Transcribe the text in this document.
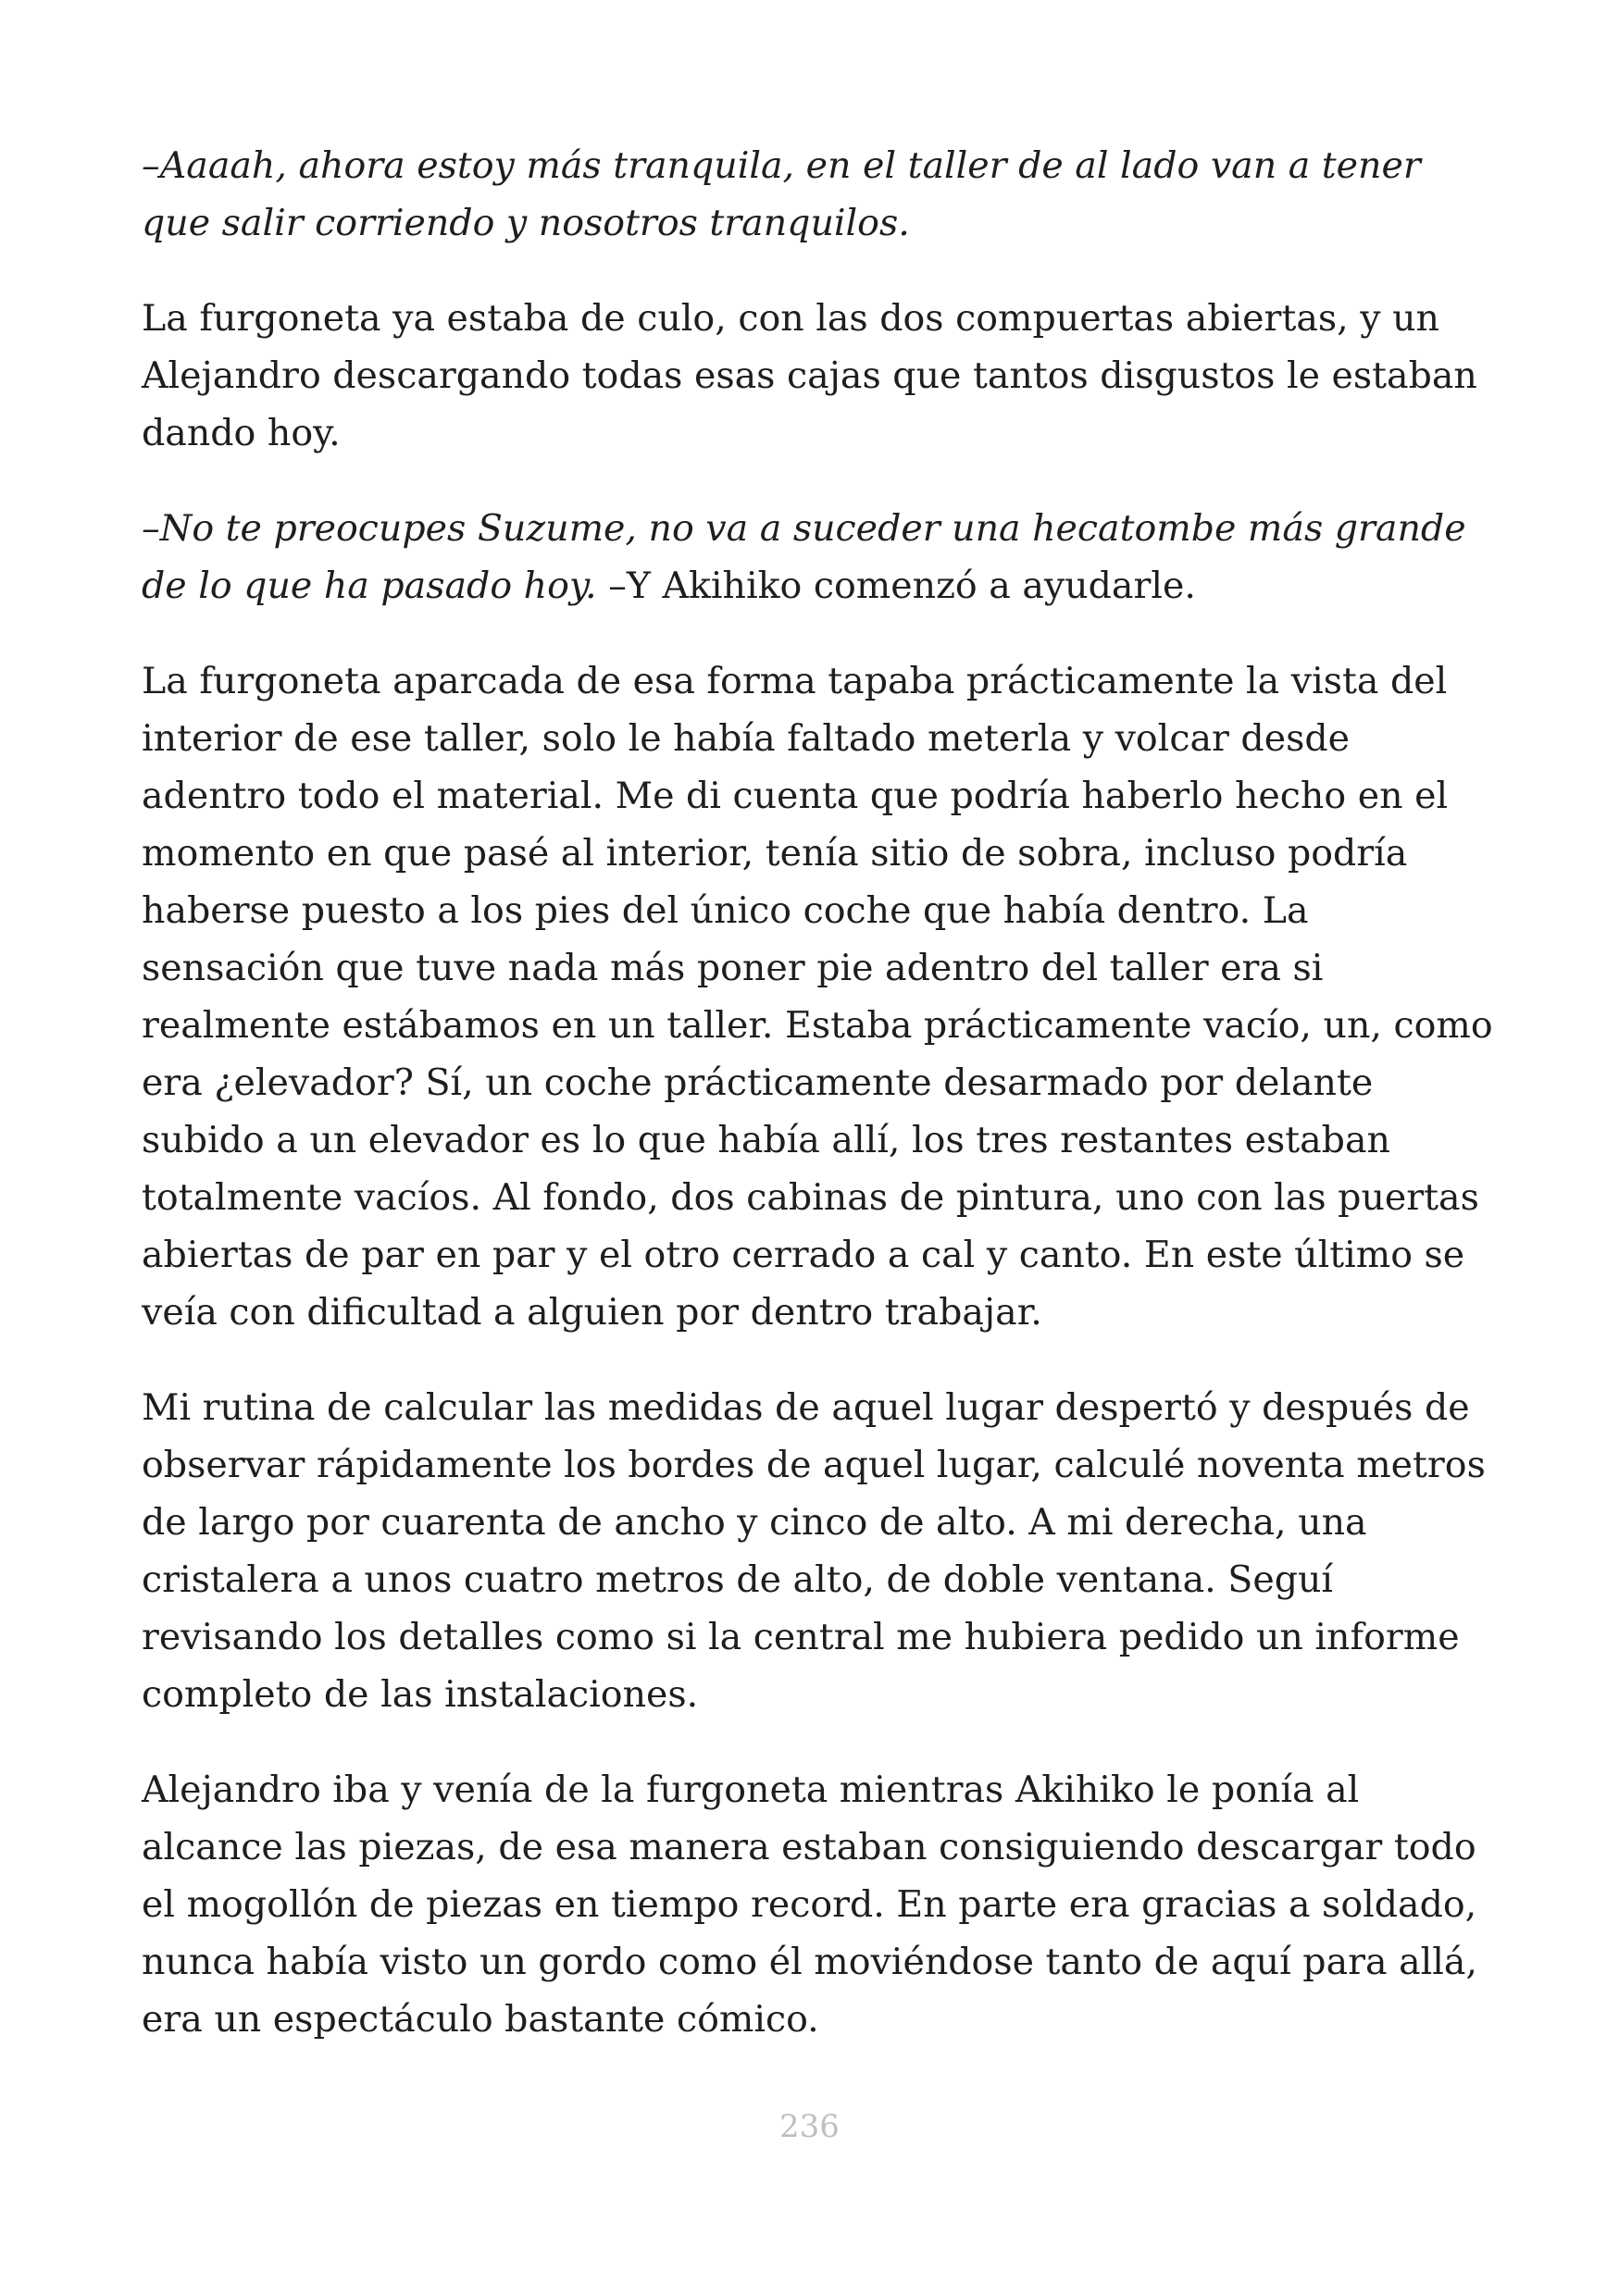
–Aaaah, ahora estoy más tranquila, en el taller de al lado van a tener que salir corriendo y nosotros tranquilos.

La furgoneta ya estaba de culo, con las dos compuertas abiertas, y un Alejandro descargando todas esas cajas que tantos disgustos le estaban dando hoy.

–No te preocupes Suzume, no va a suceder una hecatombe más grande de lo que ha pasado hoy. –Y Akihiko comenzó a ayudarle.

La furgoneta aparcada de esa forma tapaba prácticamente la vista del interior de ese taller, solo le había faltado meterla y volcar desde adentro todo el material. Me di cuenta que podría haberlo hecho en el momento en que pasé al interior, tenía sitio de sobra, incluso podría haberse puesto a los pies del único coche que había dentro. La sensación que tuve nada más poner pie adentro del taller era si realmente estábamos en un taller. Estaba prácticamente vacío, un, como era ¿elevador? Sí, un coche prácticamente desarmado por delante subido a un elevador es lo que había allí, los tres restantes estaban totalmente vacíos. Al fondo, dos cabinas de pintura, uno con las puertas abiertas de par en par y el otro cerrado a cal y canto. En este último se veía con dificultad a alguien por dentro trabajar.

Mi rutina de calcular las medidas de aquel lugar despertó y después de observar rápidamente los bordes de aquel lugar, calculé noventa metros de largo por cuarenta de ancho y cinco de alto. A mi derecha, una cristalera a unos cuatro metros de alto, de doble ventana. Seguí revisando los detalles como si la central me hubiera pedido un informe completo de las instalaciones.

Alejandro iba y venía de la furgoneta mientras Akihiko le ponía al alcance las piezas, de esa manera estaban consiguiendo descargar todo el mogollón de piezas en tiempo record. En parte era gracias a soldado, nunca había visto un gordo como él moviéndose tanto de aquí para allá, era un espectáculo bastante cómico.

236
